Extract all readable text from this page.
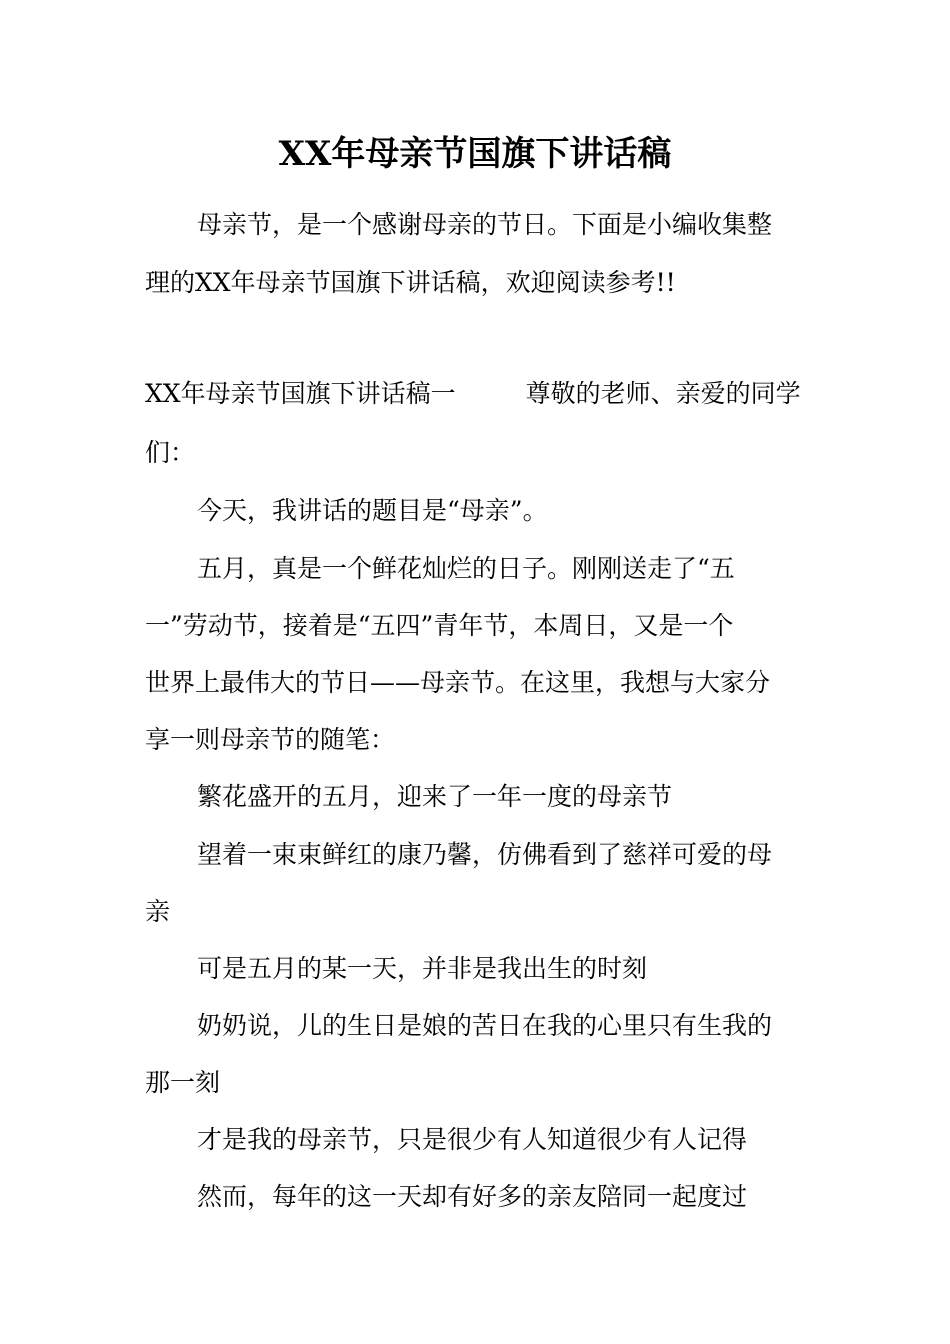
XX年母亲节国旗下讲话稿
母亲节，是一个感谢母亲的节日。下面是小编收集整
理的XX年母亲节国旗下讲话稿，欢迎阅读参考!!
XX年母亲节国旗下讲话稿一	尊敬的老师、亲爱的同学
们：
今天，我讲话的题目是“母亲”。
五月，真是一个鲜花灿烂的日子。刚刚送走了“五
一”劳动节，接着是“五四”青年节，本周日，又是一个
世界上最伟大的节日——母亲节。在这里，我想与大家分
享一则母亲节的随笔：
繁花盛开的五月，迎来了一年一度的母亲节
望着一束束鲜红的康乃馨，仿佛看到了慈祥可爱的母
亲
可是五月的某一天，并非是我出生的时刻
奶奶说，儿的生日是娘的苦日在我的心里只有生我的
那一刻
才是我的母亲节，只是很少有人知道很少有人记得
然而，每年的这一天却有好多的亲友陪同一起度过
